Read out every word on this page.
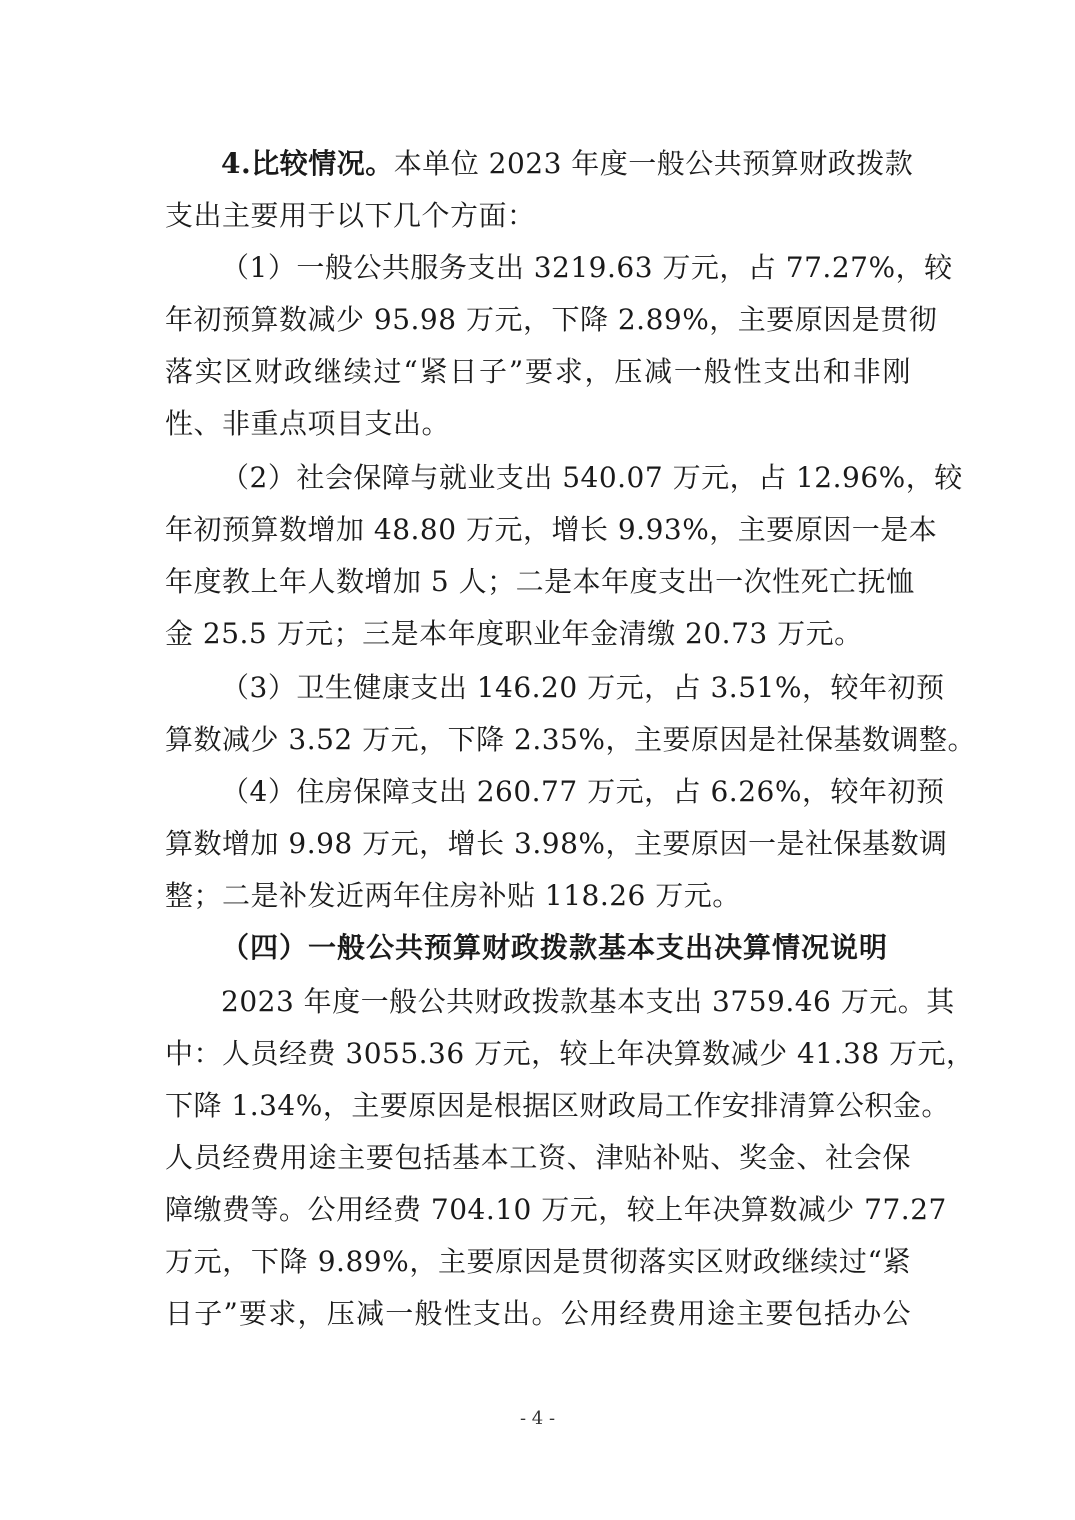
4.比较情况。本单位 2023 年度一般公共预算财政拨款
支出主要用于以下几个方面：
（1）一般公共服务支出 3219.63 万元，占 77.27%，较
年初预算数减少 95.98 万元，下降 2.89%，主要原因是贯彻
落实区财政继续过“紧日子”要求，压减一般性支出和非刚
性、非重点项目支出。
（2）社会保障与就业支出 540.07 万元，占 12.96%，较
年初预算数增加 48.80 万元，增长 9.93%，主要原因一是本
年度教上年人数增加 5 人；二是本年度支出一次性死亡抚恤
金 25.5 万元；三是本年度职业年金清缴 20.73 万元。
（3）卫生健康支出 146.20 万元，占 3.51%，较年初预
算数减少 3.52 万元，下降 2.35%，主要原因是社保基数调整。
（4）住房保障支出 260.77 万元，占 6.26%，较年初预
算数增加 9.98 万元，增长 3.98%，主要原因一是社保基数调
整；二是补发近两年住房补贴 118.26 万元。
（四）一般公共预算财政拨款基本支出决算情况说明
2023 年度一般公共财政拨款基本支出 3759.46 万元。其
中：人员经费 3055.36 万元，较上年决算数减少 41.38 万元，
下降 1.34%，主要原因是根据区财政局工作安排清算公积金。
人员经费用途主要包括基本工资、津贴补贴、奖金、社会保
障缴费等。公用经费 704.10 万元，较上年决算数减少 77.27
万元，下降 9.89%，主要原因是贯彻落实区财政继续过“紧
日子”要求，压减一般性支出。公用经费用途主要包括办公
- 4 -
